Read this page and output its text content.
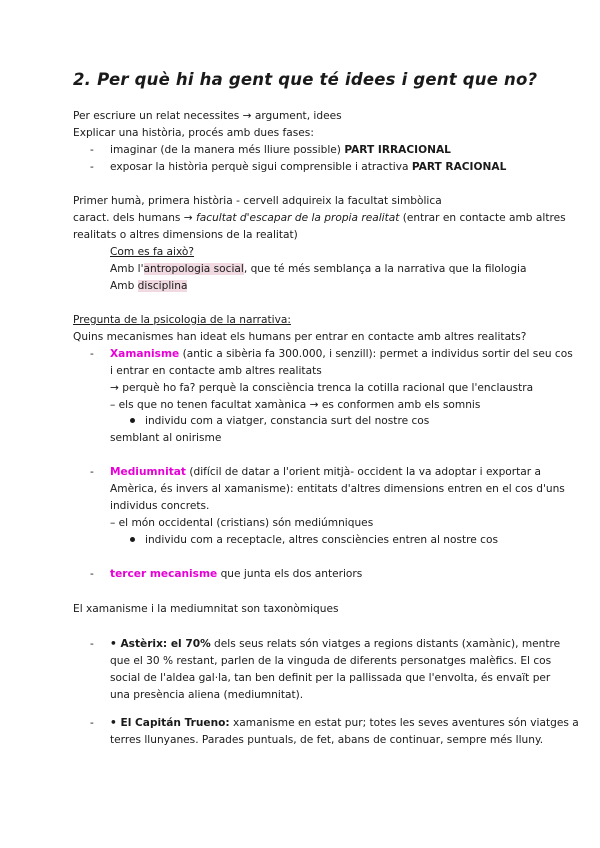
2. Per què hi ha gent que té idees i gent que no?
Per escriure un relat necessites → argument, idees
Explicar una història, procés amb dues fases:
- imaginar (de la manera més lliure possible) PART IRRACIONAL
- exposar la història perquè sigui comprensible i atractiva PART RACIONAL
Primer humà, primera història - cervell adquireix la facultat simbòlica
caract. dels humans → facultat d'escapar de la propia realitat (entrar en contacte amb altres
realitats o altres dimensions de la realitat)
Com es fa això?
Amb l'antropologia social, que té més semblança a la narrativa que la filologia
Amb disciplina
Pregunta de la psicologia de la narrativa:
Quins mecanismes han ideat els humans per entrar en contacte amb altres realitats?
- Xamanisme (antic a sibèria fa 300.000, i senzill): permet a individus sortir del seu cos
i entrar en contacte amb altres realitats
→ perquè ho fa? perquè la consciència trenca la cotilla racional que l'enclaustra
– els que no tenen facultat xamànica → es conformen amb els somnis
individu com a viatger, constancia surt del nostre cos
semblant al onirisme
- Mediumnitat (difícil de datar a l'orient mitjà- occident la va adoptar i exportar a
Amèrica, és invers al xamanisme): entitats d'altres dimensions entren en el cos d'uns
individus concrets.
– el món occidental (cristians) són mediúmniques
individu com a receptacle, altres consciències entren al nostre cos
- tercer mecanisme que junta els dos anteriors
El xamanisme i la mediumnitat son taxonòmiques
- • Astèrix: el 70% dels seus relats són viatges a regions distants (xamànic), mentre
que el 30 % restant, parlen de la vinguda de diferents personatges malèfics. El cos
social de l'aldea gal·la, tan ben definit per la pallissada que l'envolta, és envaït per
una presència aliena (mediumnitat).
- • El Capitán Trueno: xamanisme en estat pur; totes les seves aventures són viatges a
terres llunyanes. Parades puntuals, de fet, abans de continuar, sempre més lluny.
